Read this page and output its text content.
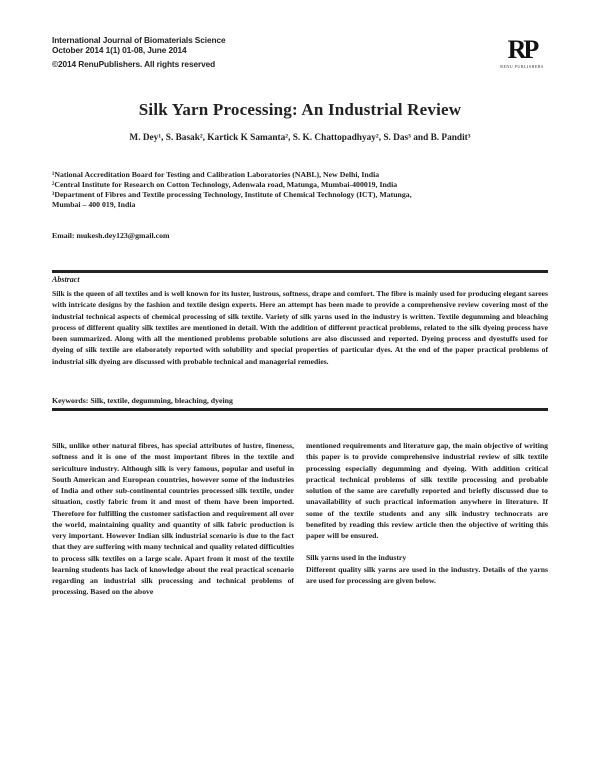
International Journal of Biomaterials Science
October 2014 1(1) 01-08, June 2014
©2014 RenuPublishers. All rights reserved	RP
RENU PUBLISHERS
Silk Yarn Processing: An Industrial Review
M. Dey¹, S. Basak², Kartick K Samanta², S. K. Chattopadhyay², S. Das³ and B. Pandit³
¹National Accreditation Board for Testing and Calibration Laboratories (NABL), New Delhi, India
²Central Institute for Research on Cotton Technology, Adenwala road, Matunga, Mumbai-400019, India
³Department of Fibres and Textile processing Technology, Institute of Chemical Technology (ICT), Matunga,
Mumbai – 400 019, India
Email: mukesh.dey123@gmail.com
Abstract
Silk is the queen of all textiles and is well known for its luster, lustrous, softness, drape and comfort. The fibre is mainly used for producing elegant sarees with intricate designs by the fashion and textile design experts. Here an attempt has been made to provide a comprehensive review covering most of the industrial technical aspects of chemical processing of silk textile. Variety of silk yarns used in the industry is written. Textile degumming and bleaching process of different quality silk textiles are mentioned in detail. With the addition of different practical problems, related to the silk dyeing process have been summarized. Along with all the mentioned problems probable solutions are also discussed and reported. Dyeing process and dyestuffs used for dyeing of silk textile are elaborately reported with solubility and special properties of particular dyes. At the end of the paper practical problems of industrial silk dyeing are discussed with probable technical and managerial remedies.
Keywords: Silk, textile, degumming, bleaching, dyeing

Silk, unlike other natural fibres, has special attributes of lustre, fineness, softness and it is one of the most important fibres in the textile and sericulture industry. Although silk is very famous, popular and useful in South American and European countries, however some of the industries of India and other sub-continental countries processed silk textile, under situation, costly fabric from it and most of them have been imported. Therefore for fulfilling the customer satisfaction and requirement all over the world, maintaining quality and quantity of silk fabric production is very important. However Indian silk industrial scenario is due to the fact that they are suffering with many technical and quality related difficulties to process silk textiles on a large scale. Apart from it most of the textile learning students has lack of knowledge about the real practical scenario regarding an industrial silk processing and technical problems of processing. Based on the above

mentioned requirements and literature gap, the main objective of writing this paper is to provide comprehensive industrial review of silk textile processing especially degumming and dyeing. With addition critical practical technical problems of silk textile processing and probable solution of the same are carefully reported and briefly discussed due to unavailability of such practical information anywhere in literature. If some of the textile students and any silk industry technocrats are benefited by reading this review article then the objective of writing this paper will be ensured.

Silk yarns used in the industry

Different quality silk yarns are used in the industry. Details of the yarns are used for processing are given below.
